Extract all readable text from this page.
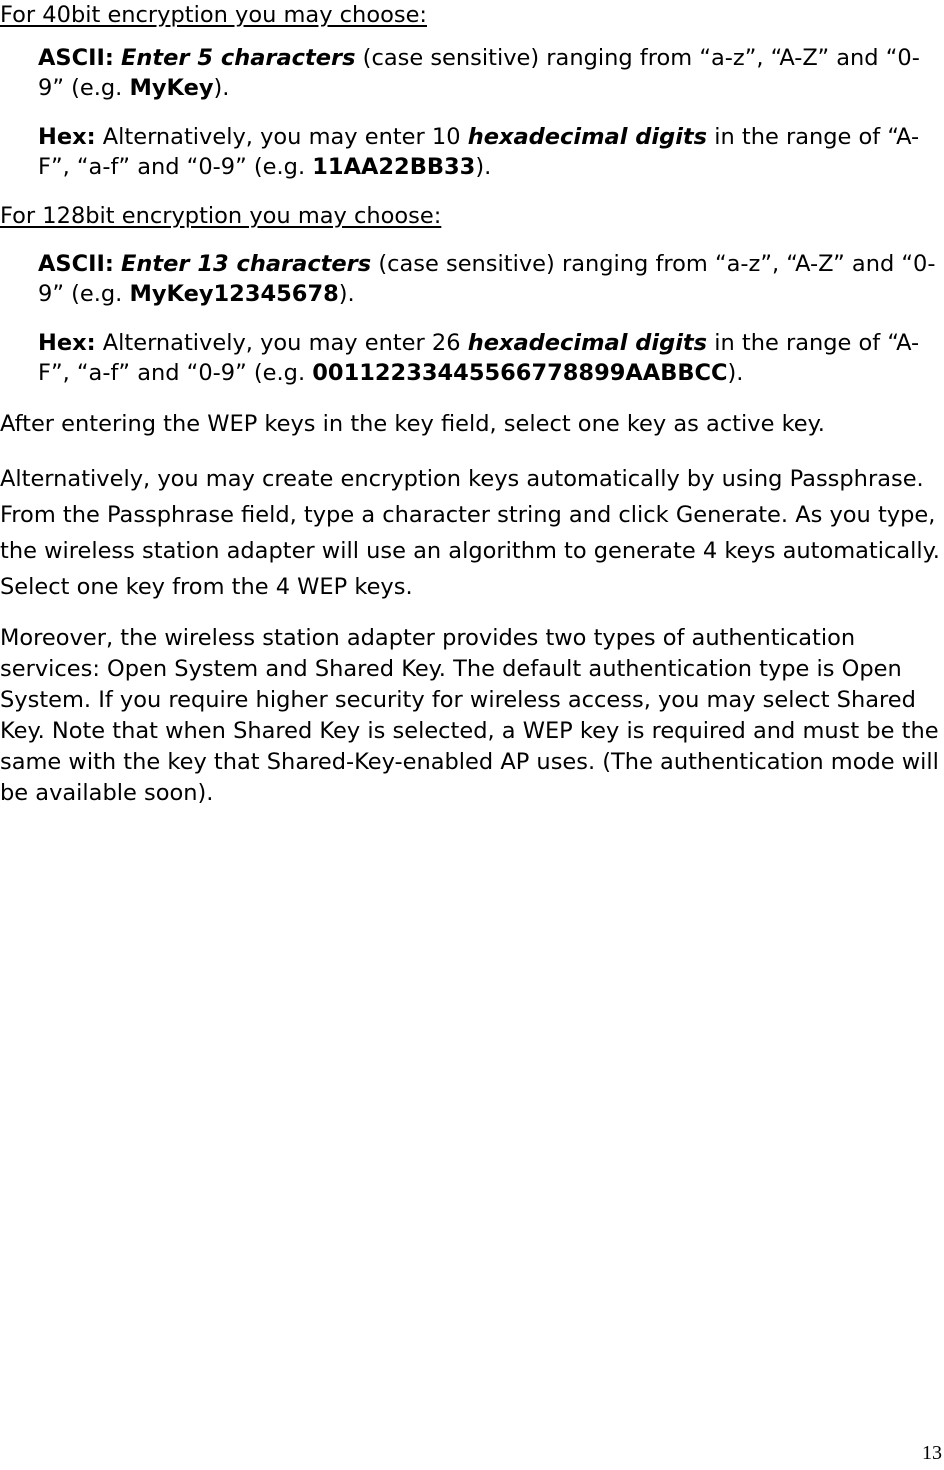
For 40bit encryption you may choose:

ASCII: Enter 5 characters (case sensitive) ranging from “a-z”, “A-Z” and “0-9” (e.g. MyKey).

Hex: Alternatively, you may enter 10 hexadecimal digits in the range of “A-F”, “a-f” and “0-9” (e.g. 11AA22BB33).

For 128bit encryption you may choose:

ASCII: Enter 13 characters (case sensitive) ranging from “a-z”, “A-Z” and “0-9” (e.g. MyKey12345678).

Hex: Alternatively, you may enter 26 hexadecimal digits in the range of “A-F”, “a-f” and “0-9” (e.g. 00112233445566778899AABBCC).

After entering the WEP keys in the key field, select one key as active key.

Alternatively, you may create encryption keys automatically by using Passphrase. From the Passphrase field, type a character string and click Generate. As you type, the wireless station adapter will use an algorithm to generate 4 keys automatically. Select one key from the 4 WEP keys.

Moreover, the wireless station adapter provides two types of authentication services: Open System and Shared Key. The default authentication type is Open System. If you require higher security for wireless access, you may select Shared Key. Note that when Shared Key is selected, a WEP key is required and must be the same with the key that Shared-Key-enabled AP uses. (The authentication mode will be available soon).

13
